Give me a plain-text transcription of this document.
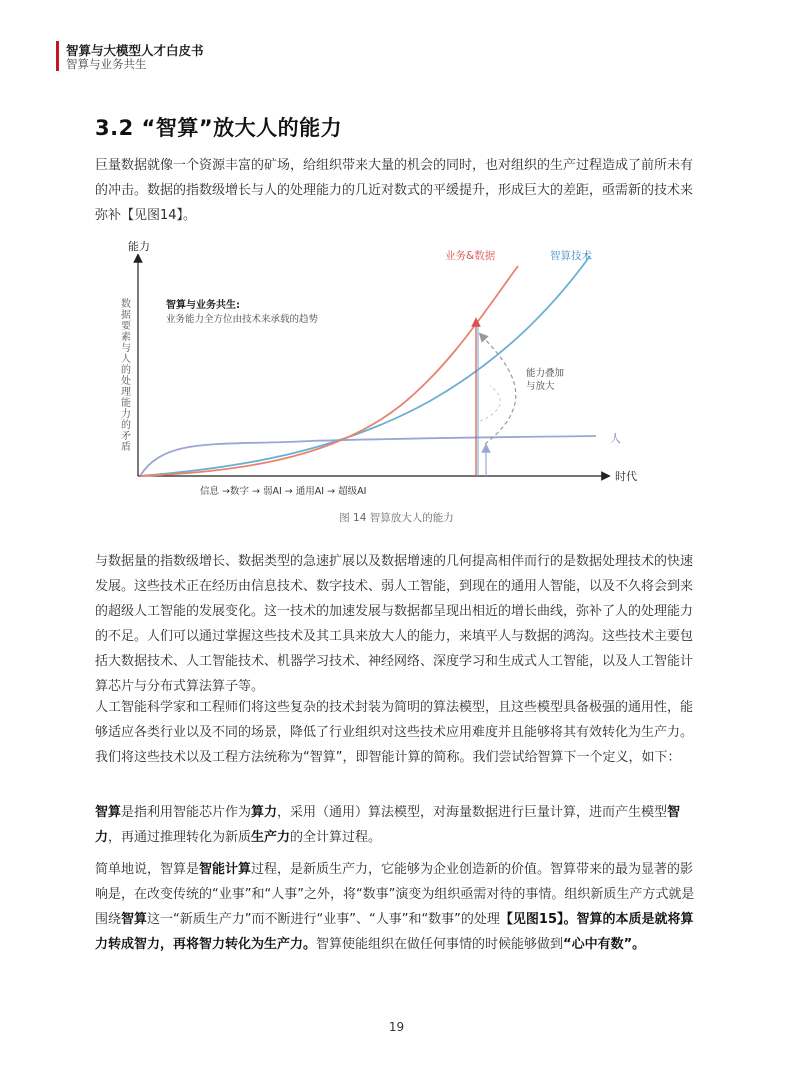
智算与大模型人才白皮书
智算与业务共生
3.2 “智算”放大人的能力
巨量数据就像一个资源丰富的矿场，给组织带来大量的机会的同时，也对组织的生产过程造成了前所未有的冲击。数据的指数级增长与人的处理能力的几近对数式的平缓提升，形成巨大的差距，亟需新的技术来弥补【见图14】。
能力
时代
数据要素与人的处理能力的矛盾
业务&数据	智算技术
人
智算与业务共生:
业务能力全方位由技术来承载的趋势
能力叠加
与放大
信息 →数字 → 弱AI → 通用AI → 超级AI
图 14 智算放大人的能力
与数据量的指数级增长、数据类型的急速扩展以及数据增速的几何提高相伴而行的是数据处理技术的快速发展。这些技术正在经历由信息技术、数字技术、弱人工智能，到现在的通用人智能，以及不久将会到来的超级人工智能的发展变化。这一技术的加速发展与数据都呈现出相近的增长曲线，弥补了人的处理能力的不足。人们可以通过掌握这些技术及其工具来放大人的能力，来填平人与数据的鸿沟。这些技术主要包括大数据技术、人工智能技术、机器学习技术、神经网络、深度学习和生成式人工智能，以及人工智能计算芯片与分布式算法算子等。
人工智能科学家和工程师们将这些复杂的技术封装为简明的算法模型，且这些模型具备极强的通用性，能够适应各类行业以及不同的场景，降低了行业组织对这些技术应用难度并且能够将其有效转化为生产力。我们将这些技术以及工程方法统称为“智算”，即智能计算的简称。我们尝试给智算下一个定义，如下：
智算是指利用智能芯片作为算力，采用（通用）算法模型，对海量数据进行巨量计算，进而产生模型智力，再通过推理转化为新质生产力的全计算过程。
简单地说，智算是智能计算过程，是新质生产力，它能够为企业创造新的价值。智算带来的最为显著的影响是，在改变传统的“业事”和“人事”之外，将“数事”演变为组织亟需对待的事情。组织新质生产方式就是围绕智算这一“新质生产力”而不断进行“业事”、“人事”和“数事”的处理【见图15】。智算的本质是就将算力转成智力，再将智力转化为生产力。智算使能组织在做任何事情的时候能够做到“心中有数”。
19
